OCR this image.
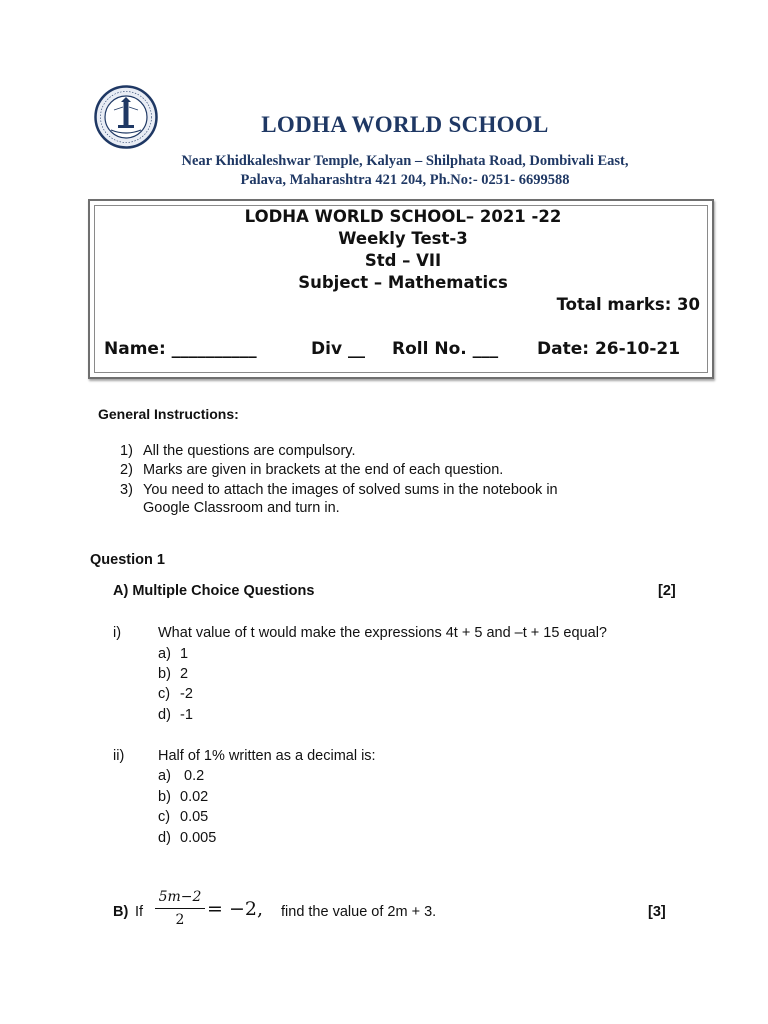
LODHA WORLD SCHOOL
Near Khidkaleshwar Temple, Kalyan – Shilphata Road, Dombivali East,
Palava, Maharashtra 421 204, Ph.No:- 0251- 6699588
LODHA WORLD SCHOOL– 2021 -22
Weekly Test-3
Std – VII
Subject – Mathematics
Total marks: 30
Name: __________	Div __ Roll No. ___ Date: 26-10-21
General Instructions:
1) All the questions are compulsory.
2) Marks are given in brackets at the end of each question.
3) You need to attach the images of solved sums in the notebook in
Google Classroom and turn in.
Question 1
A) Multiple Choice Questions	[2]
i)	What value of t would make the expressions 4t + 5 and –t + 15 equal?
a) 1
b) 2
c) -2
d) -1
ii) Half of 1% written as a decimal is:
a) 0.2
b) 0.02
c) 0.05
d) 0.005
B) If $\frac{5m-2}{2} = -2$, find the value of 2m + 3.	[3]
